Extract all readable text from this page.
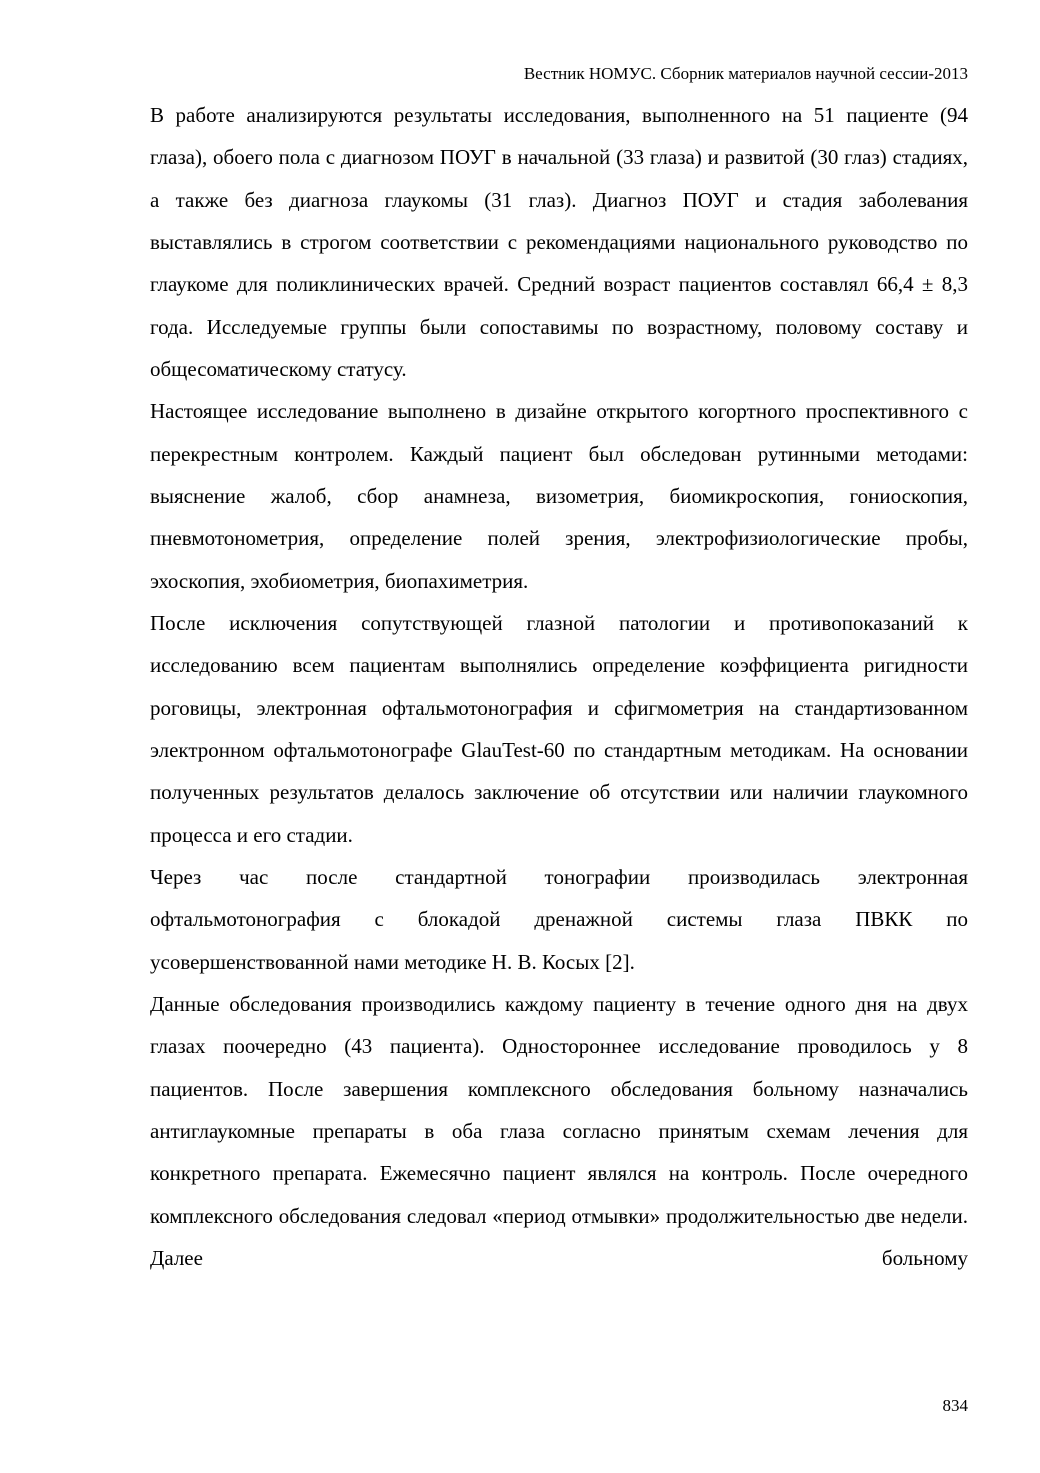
Вестник НОМУС. Сборник материалов научной сессии-2013

В работе анализируются результаты исследования, выполненного на 51 пациенте (94 глаза), обоего пола с диагнозом ПОУГ в начальной (33 глаза) и развитой (30 глаз) стадиях, а также без диагноза глаукомы (31 глаз). Диагноз ПОУГ и стадия заболевания выставлялись в строгом соответствии с рекомендациями национального руководство по глаукоме для поликлинических врачей. Средний возраст пациентов составлял 66,4 ± 8,3 года. Исследуемые группы были сопоставимы по возрастному, половому составу и общесоматическому статусу.

Настоящее исследование выполнено в дизайне открытого когортного проспективного с перекрестным контролем. Каждый пациент был обследован рутинными методами: выяснение жалоб, сбор анамнеза, визометрия, биомикроскопия, гониоскопия, пневмотонометрия, определение полей зрения, электрофизиологические пробы, эхоскопия, эхобиометрия, биопахиметрия.

После исключения сопутствующей глазной патологии и противопоказаний к исследованию всем пациентам выполнялись определение коэффициента ригидности роговицы, электронная офтальмотонография и сфигмометрия на стандартизованном электронном офтальмотонографе GlauTest-60 по стандартным методикам. На основании полученных результатов делалось заключение об отсутствии или наличии глаукомного процесса и его стадии.

Через час после стандартной тонографии производилась электронная офтальмотонография с блокадой дренажной системы глаза ПВКК по усовершенствованной нами методике Н. В. Косых [2].

Данные обследования производились каждому пациенту в течение одного дня на двух глазах поочередно (43 пациента). Одностороннее исследование проводилось у 8 пациентов. После завершения комплексного обследования больному назначались антиглаукомные препараты в оба глаза согласно принятым схемам лечения для конкретного препарата. Ежемесячно пациент являлся на контроль. После очередного комплексного обследования следовал «период отмывки» продолжительностью две недели. Далее больному

834
